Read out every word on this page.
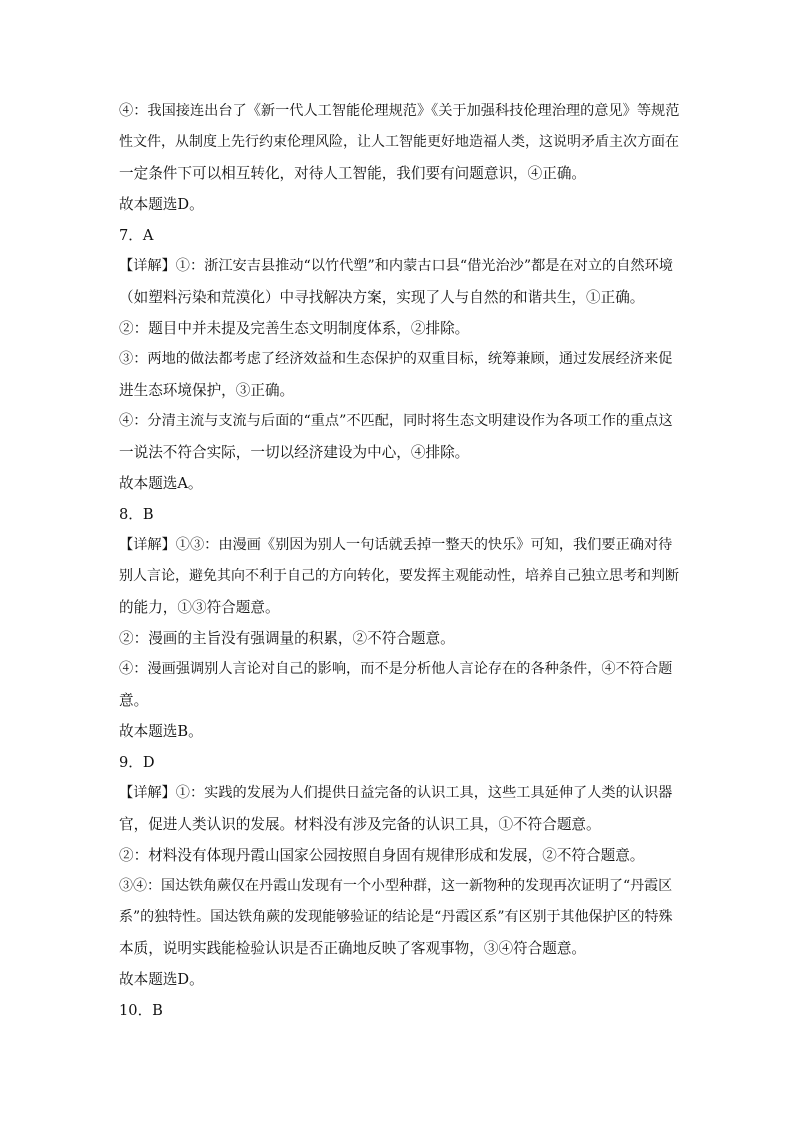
④：我国接连出台了《新一代人工智能伦理规范》《关于加强科技伦理治理的意见》等规范
性文件，从制度上先行约束伦理风险，让人工智能更好地造福人类，这说明矛盾主次方面在
一定条件下可以相互转化，对待人工智能，我们要有问题意识，④正确。
故本题选D。
7．A
【详解】①：浙江安吉县推动“以竹代塑”和内蒙古口县“借光治沙”都是在对立的自然环境
（如塑料污染和荒漠化）中寻找解决方案，实现了人与自然的和谐共生，①正确。
②：题目中并未提及完善生态文明制度体系，②排除。
③：两地的做法都考虑了经济效益和生态保护的双重目标，统筹兼顾，通过发展经济来促
进生态环境保护，③正确。
④：分清主流与支流与后面的“重点”不匹配，同时将生态文明建设作为各项工作的重点这
一说法不符合实际，一切以经济建设为中心，④排除。
故本题选A。
8．B
【详解】①③：由漫画《别因为别人一句话就丢掉一整天的快乐》可知，我们要正确对待
别人言论，避免其向不利于自己的方向转化，要发挥主观能动性，培养自己独立思考和判断
的能力，①③符合题意。
②：漫画的主旨没有强调量的积累，②不符合题意。
④：漫画强调别人言论对自己的影响，而不是分析他人言论存在的各种条件，④不符合题
意。
故本题选B。
9．D
【详解】①：实践的发展为人们提供日益完备的认识工具，这些工具延伸了人类的认识器
官，促进人类认识的发展。材料没有涉及完备的认识工具，①不符合题意。
②：材料没有体现丹霞山国家公园按照自身固有规律形成和发展，②不符合题意。
③④：国达铁角蕨仅在丹霞山发现有一个小型种群，这一新物种的发现再次证明了“丹霞区
系”的独特性。国达铁角蕨的发现能够验证的结论是“丹霞区系”有区别于其他保护区的特殊
本质，说明实践能检验认识是否正确地反映了客观事物，③④符合题意。
故本题选D。
10．B
